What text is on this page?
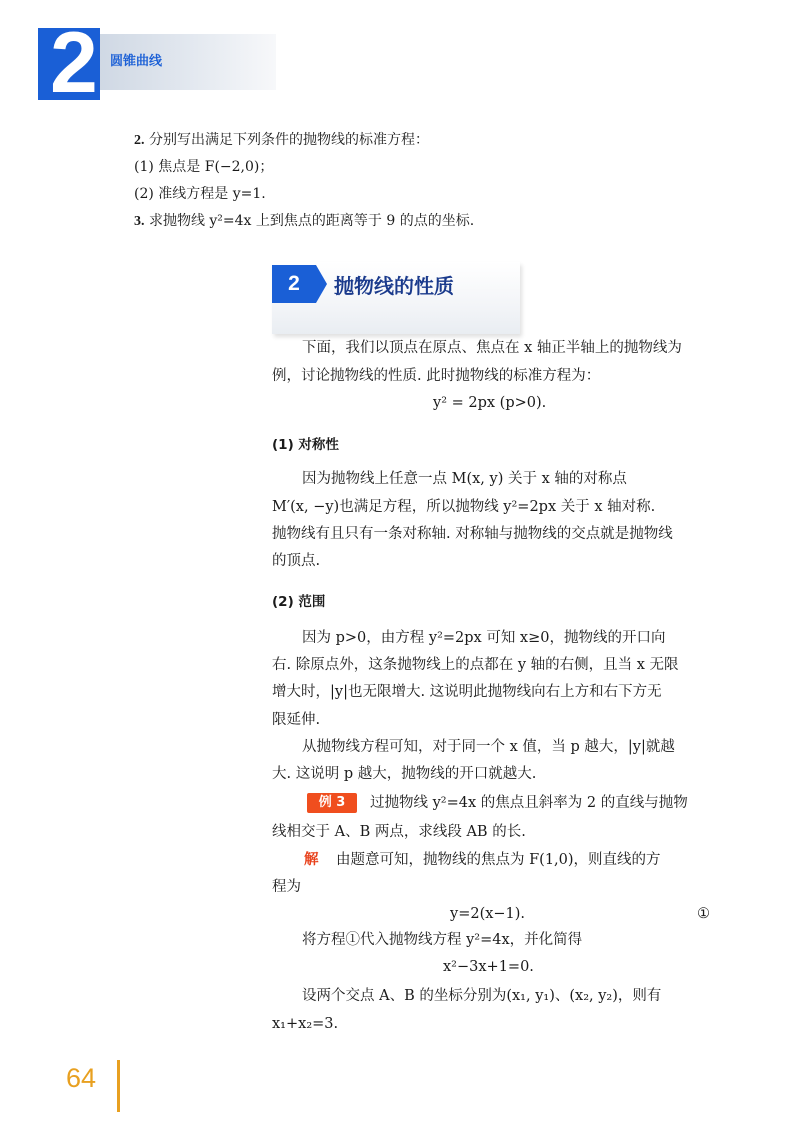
2 圆锥曲线
2. 分别写出满足下列条件的抛物线的标准方程：
(1) 焦点是 F(−2,0)；
(2) 准线方程是 y=1.
3. 求抛物线 y²=4x 上到焦点的距离等于 9 的点的坐标.
2	抛物线的性质
下面，我们以顶点在原点、焦点在 x 轴正半轴上的抛物线为
例，讨论抛物线的性质. 此时抛物线的标准方程为：
y² = 2px (p>0).
(1) 对称性
因为抛物线上任意一点 M(x, y) 关于 x 轴的对称点
M′(x, −y)也满足方程，所以抛物线 y²=2px 关于 x 轴对称.
抛物线有且只有一条对称轴. 对称轴与抛物线的交点就是抛物线
的顶点.
(2) 范围
因为 p>0，由方程 y²=2px 可知 x≥0，抛物线的开口向
右. 除原点外，这条抛物线上的点都在 y 轴的右侧，且当 x 无限
增大时，|y|也无限增大. 这说明此抛物线向右上方和右下方无
限延伸.
从抛物线方程可知，对于同一个 x 值，当 p 越大，|y|就越
大. 这说明 p 越大，抛物线的开口就越大.
例 3	过抛物线 y²=4x 的焦点且斜率为 2 的直线与抛物
线相交于 A、B 两点，求线段 AB 的长.
解	由题意可知，抛物线的焦点为 F(1,0)，则直线的方
程为
y=2(x−1).	①
将方程①代入抛物线方程 y²=4x，并化简得
x²−3x+1=0.
设两个交点 A、B 的坐标分别为(x₁, y₁)、(x₂, y₂)，则有
x₁+x₂=3.
64
